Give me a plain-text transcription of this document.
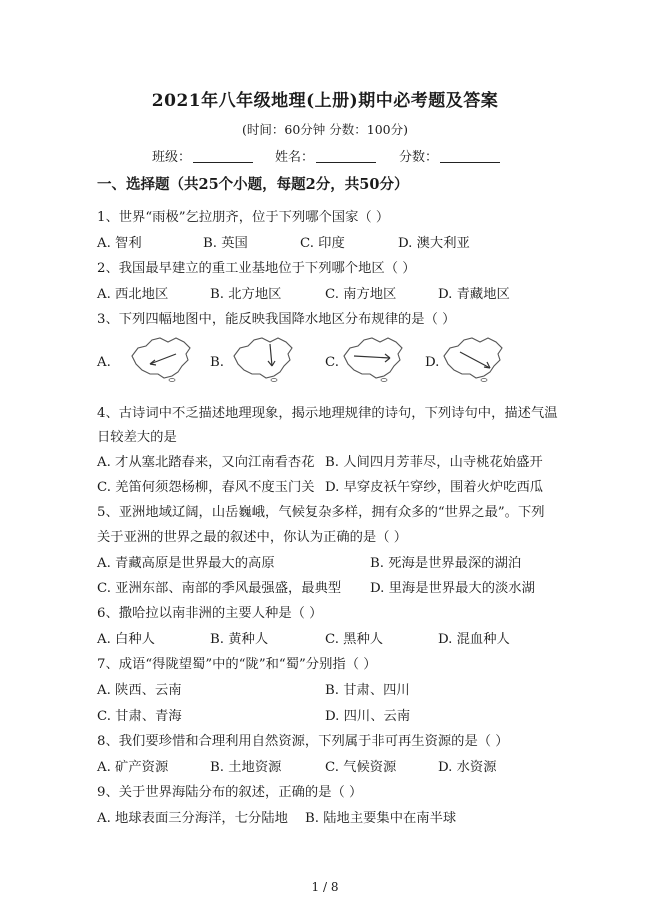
2021年八年级地理(上册)期中必考题及答案
(时间：60分钟 分数：100分)
班级：	姓名：	分数：
一、选择题（共25个小题，每题2分，共50分）
1、世界“雨极”乞拉朋齐，位于下列哪个国家（ ）
A. 智利	B. 英国	C. 印度	D. 澳大利亚
2、我国最早建立的重工业基地位于下列哪个地区（ ）
A. 西北地区	B. 北方地区	C. 南方地区	D. 青藏地区
3、下列四幅地图中，能反映我国降水地区分布规律的是（ ）
A.	B.	C.	D.
4、古诗词中不乏描述地理现象，揭示地理规律的诗句，下列诗句中，描述气温
日较差大的是
A. 才从塞北踏春来，又向江南看杏花 B. 人间四月芳菲尽，山寺桃花始盛开
C. 羌笛何须怨杨柳，春风不度玉门关 D. 早穿皮袄午穿纱，围着火炉吃西瓜
5、亚洲地域辽阔，山岳巍峨，气候复杂多样，拥有众多的“世界之最”。下列
关于亚洲的世界之最的叙述中，你认为正确的是（ ）
A. 青藏高原是世界最大的高原	B. 死海是世界最深的湖泊
C. 亚洲东部、南部的季风最强盛，最典型 D. 里海是世界最大的淡水湖
6、撒哈拉以南非洲的主要人种是（ ）
A. 白种人	B. 黄种人	C. 黑种人	D. 混血种人
7、成语“得陇望蜀”中的“陇”和“蜀”分别指（ ）
A. 陕西、云南	B. 甘肃、四川
C. 甘肃、青海	D. 四川、云南
8、我们要珍惜和合理利用自然资源，下列属于非可再生资源的是（ ）
A. 矿产资源	B. 土地资源	C. 气候资源	D. 水资源
9、关于世界海陆分布的叙述，正确的是（ ）
A. 地球表面三分海洋，七分陆地 B. 陆地主要集中在南半球
1 / 8
